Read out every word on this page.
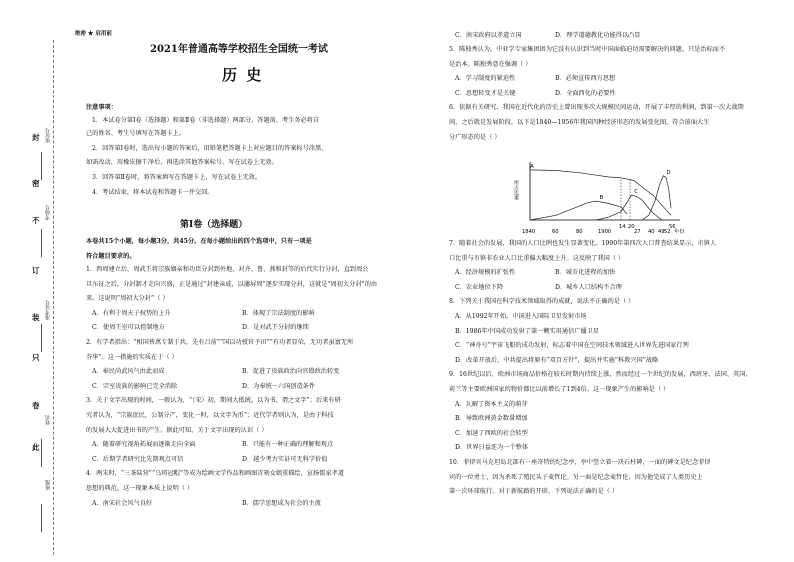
封
密
不
订
装
只
卷
此
座位号
考场号
准考证号
姓名
班级
绝密 ★ 启用前
2021年普通高等学校招生全国统一考试
历 史
注意事项：
1．本试卷分第Ⅰ卷（选择题）和第Ⅱ卷（非选择题）两部分。答题前，考生务必将自
己的姓名、考生号填写在答题卡上。
2．回答第Ⅰ卷时，选出每小题的答案后，用铅笔把答题卡上对应题目的答案标号涂黑，
如需改动，用橡皮擦干净后，再选涂其他答案标号。写在试卷上无效。
3．回答第Ⅱ卷时，将答案填写在答题卡上，写在试卷上无效。
4．考试结束，将本试卷和答题卡一并交回。
第Ⅰ卷（选择题）
本卷共15个小题，每小题3分，共45分。在每小题给出的四个选项中，只有一项是
符合题目要求的。
1．西周建立后，周武王将宗族姻亲和功臣分封到外地，对齐、鲁、燕和封等的后代实行分封，直到周公
旦东征之后，分封制才走向兴盛，正是通过“封建亲戚，以藩屏周”逐步实现分封，这就是“周初大分封”的由
来。这说明“周初大分封”（ ）
A．有利于周天子权势的上升	B．体现了宗法制度的影响
C．使周王室可以控制地方	D．是对武王分封的继续
2．有学者指出：“相国皆萬专制于共，先有吕前”“国以功授官予田”“有功者显荣，无功者虽富无所
芬华”。这一措施的实质在于（ ）
A．奉民尚武风气由此而成	B．促进了贵族政治向官僚政治转变
C．宗室贵族的影响已完全消除	D．为奉统一六国创造条件
3．关于文字出现的时间，一般认为，“（宋）初，期间大抵统，以为书，谓之文字”；后来有研
究者认为，“宗族庶民，公制分产，变化一时，以文字为币”；近代学者则认为，是由于科技
的发展大大促进出书的产生。据此可知，关于文字出现的认识（ ）
A．随着研究视角拓展而逐渐走向全面	B．只能有一种正确的理解和观点
C．后期学者研究比先期观点可信	D．越少考古实证可无科学价值
4．两宋时，“三茶陆营”“乌铸冠帽”等成为绘画文学作品和画图青刻女娘重描绘，宣扬儒家孝道
思想的典范。这一现象本质上说明（ ）
A．南宋社会风气良好	B．儒学思想成为社会的主流
C．南宋政府以孝道立国	D．理学道德教化功能得以凸显
5．陈独秀认为，中亚学专家集团团为它没有认识到当时中国面临迫切需要解决的问题，只是治标而不
是治本。陈独秀意在强调（ ）
A．学习制度的紧迫性	B．必须宣传西方思想
C．思想转变才是关键	D．全面西化的必要性
6．依据有关研究，我国在近代化的历史上曾出现多次大规模民间运动，开展了丰厚的利润，到第一次大战期
间，之后就是发展阶段。以下是1840—1956年我国四种经济形态的发展变化图，符合前面大生
分广形态的是（ ）
所占比重
年份
1840	60	80	1900
14 20
27 40 49 52
56
A
B
C
D
7．随着社会的发展，我国的人口比例也发生显著变化。1990年第四次人口普查结果显示，市镇人
口比重与市镇非农业人口比重偏大幅度上升。这反映了我国（ ）
A．经济规模的扩张性	B．城市化进程的加快
C．农业地位下降	D．城乡人口结构不合理
8．下列关于我国在科学技术领域取得的成就，说法不正确的是（ ）
A．从1992年开始，中国进入国际卫星发射市场
B．1986年中国成功发射了第一颗实用通信广播卫星
C．“神舟号”宇宙飞船的成功发射，标志着中国在空间技术领域进入世界先进国家行列
D．改革开放后，中共提出将原有“双百方针”，提出并实施“科教兴国”战略
9．16世纪以后，欧洲市场商品价格在较长时期内持续上涨，然而经过一个世纪的发展，西班牙、法国、英国、
荷兰等主要欧洲国家的物价都比以前增长了1到4倍。这一现象产生的影响是（ ）
A．瓦解了资本主义的萌芽
B．导致欧洲黄金数量增加
C．加速了西欧的社会转型
D．世界日益连为一个整体
10．菲律宾马克坦岛北部有一座奇特的纪念亭，亭中竖立着一块石柱碑，一面的碑文是纪念菲律
宾的一位勇士，因为杀死了殖民头子麦哲伦。另一面是纪念麦哲伦，因为他完成了人类历史上
第一次环球航行。对于新航路的开辟，下列说法正确的是（ ）
